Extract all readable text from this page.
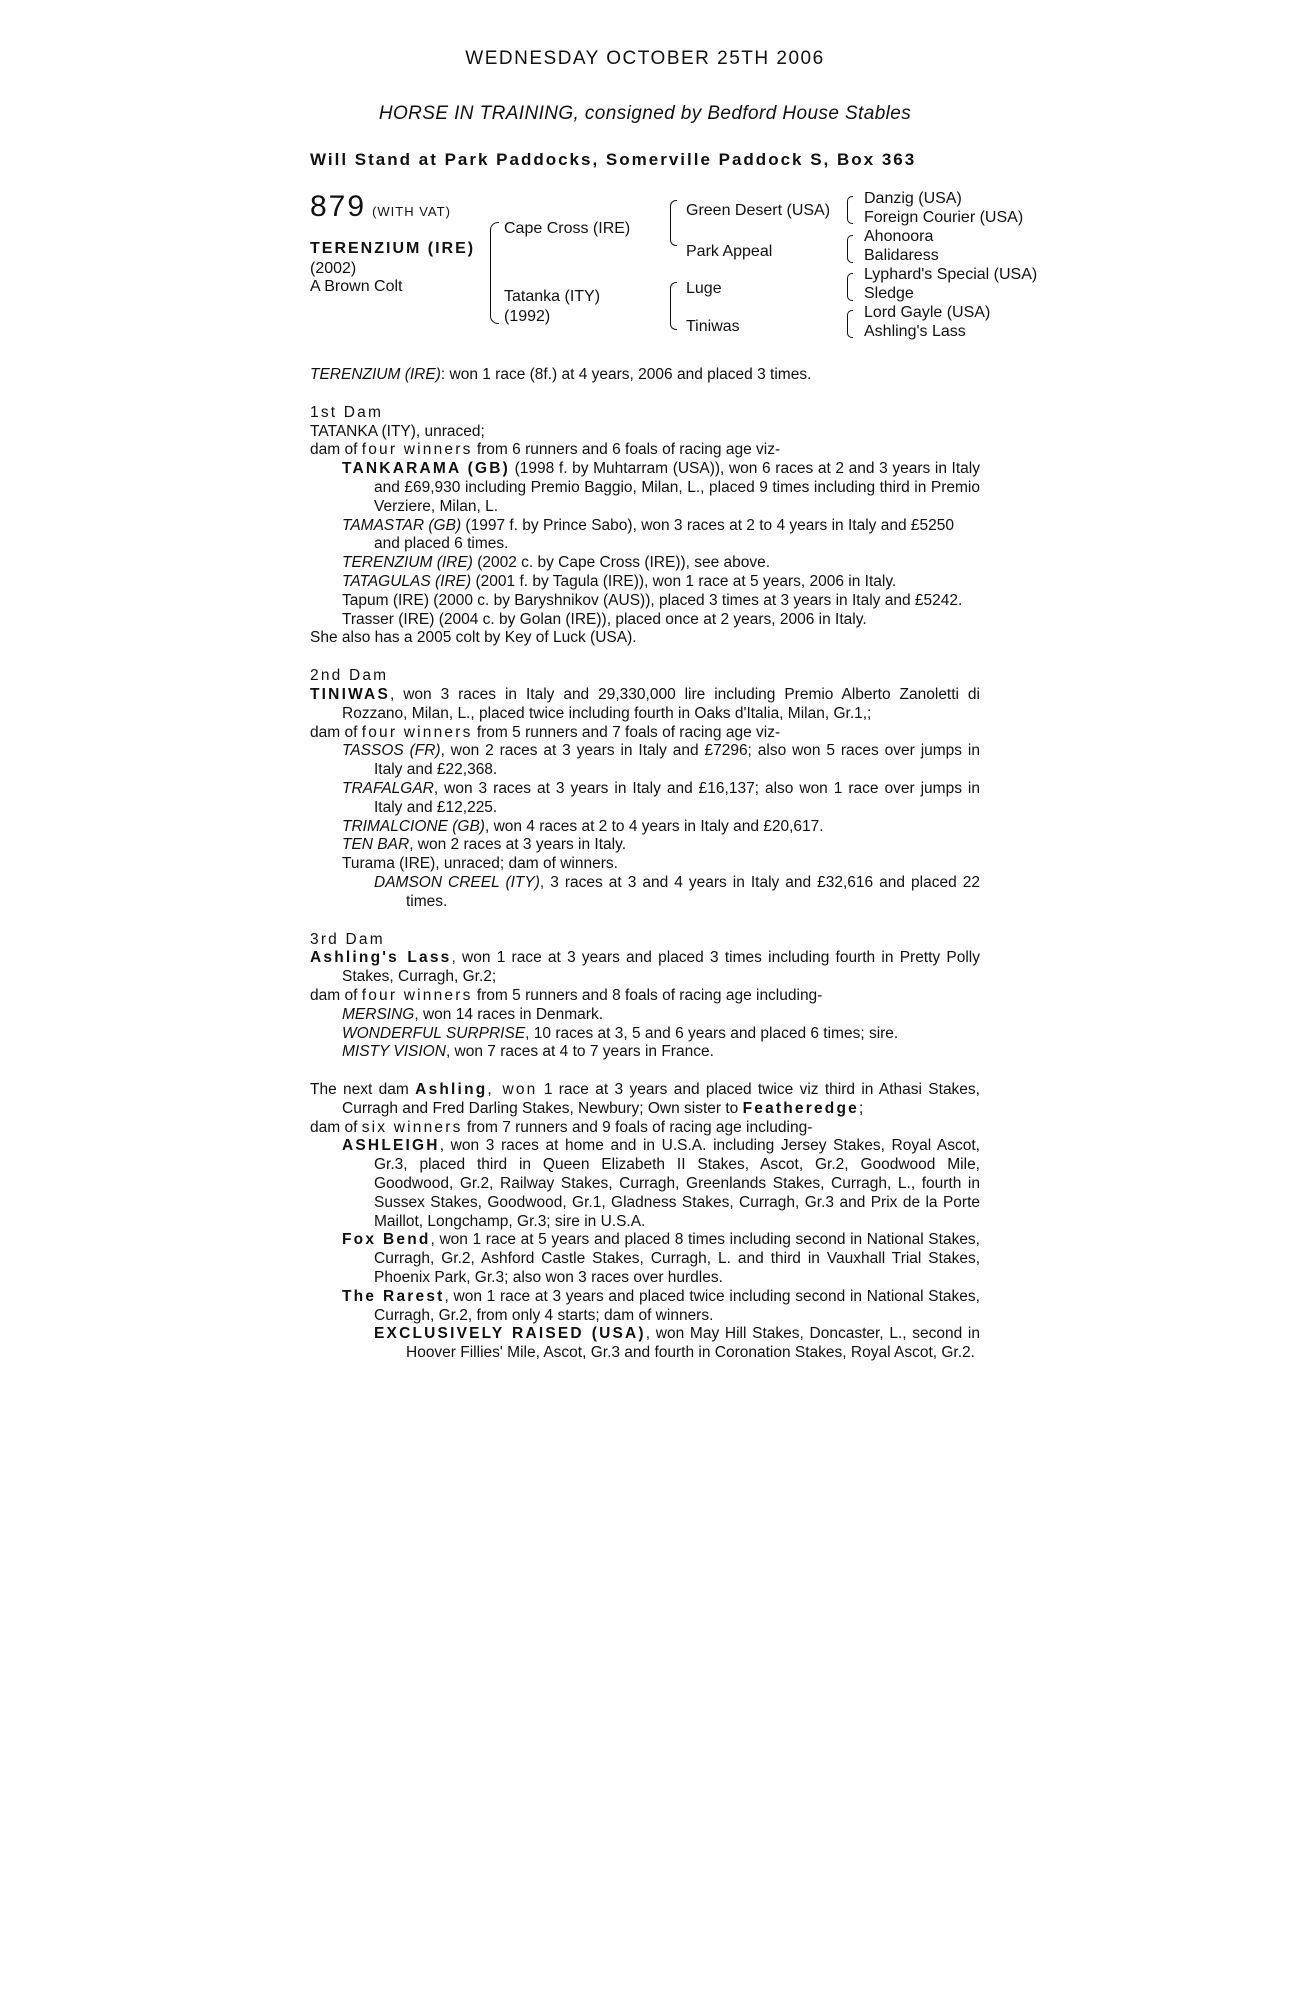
WEDNESDAY OCTOBER 25TH 2006
HORSE IN TRAINING, consigned by Bedford House Stables
Will Stand at Park Paddocks, Somerville Paddock S, Box 363
879 (WITH VAT)
TERENZIUM (IRE)
(2002)
A Brown Colt
Cape Cross (IRE)
Tatanka (ITY)
(1992)
Green Desert (USA)
Park Appeal
Luge
Tiniwas
Danzig (USA)
Foreign Courier (USA)
Ahonoora
Balidaress
Lyphard's Special (USA)
Sledge
Lord Gayle (USA)
Ashling's Lass

TERENZIUM (IRE): won 1 race (8f.) at 4 years, 2006 and placed 3 times.

1st Dam

TATANKA (ITY), unraced;

dam of four winners from 6 runners and 6 foals of racing age viz-

TANKARAMA (GB) (1998 f. by Muhtarram (USA)), won 6 races at 2 and 3 years in Italy and £69,930 including Premio Baggio, Milan, L., placed 9 times including third in Premio Verziere, Milan, L.

TAMASTAR (GB) (1997 f. by Prince Sabo), won 3 races at 2 to 4 years in Italy and £5250 and placed 6 times.

TERENZIUM (IRE) (2002 c. by Cape Cross (IRE)), see above.

TATAGULAS (IRE) (2001 f. by Tagula (IRE)), won 1 race at 5 years, 2006 in Italy.

Tapum (IRE) (2000 c. by Baryshnikov (AUS)), placed 3 times at 3 years in Italy and £5242.

Trasser (IRE) (2004 c. by Golan (IRE)), placed once at 2 years, 2006 in Italy.

She also has a 2005 colt by Key of Luck (USA).

2nd Dam

TINIWAS, won 3 races in Italy and 29,330,000 lire including Premio Alberto Zanoletti di Rozzano, Milan, L., placed twice including fourth in Oaks d'Italia, Milan, Gr.1,;

dam of four winners from 5 runners and 7 foals of racing age viz-

TASSOS (FR), won 2 races at 3 years in Italy and £7296; also won 5 races over jumps in Italy and £22,368.

TRAFALGAR, won 3 races at 3 years in Italy and £16,137; also won 1 race over jumps in Italy and £12,225.

TRIMALCIONE (GB), won 4 races at 2 to 4 years in Italy and £20,617.

TEN BAR, won 2 races at 3 years in Italy.

Turama (IRE), unraced; dam of winners.

DAMSON CREEL (ITY), 3 races at 3 and 4 years in Italy and £32,616 and placed 22 times.

3rd Dam

Ashling's Lass, won 1 race at 3 years and placed 3 times including fourth in Pretty Polly Stakes, Curragh, Gr.2;

dam of four winners from 5 runners and 8 foals of racing age including-

MERSING, won 14 races in Denmark.

WONDERFUL SURPRISE, 10 races at 3, 5 and 6 years and placed 6 times; sire.

MISTY VISION, won 7 races at 4 to 7 years in France.

The next dam Ashling, won 1 race at 3 years and placed twice viz third in Athasi Stakes, Curragh and Fred Darling Stakes, Newbury; Own sister to Featheredge;

dam of six winners from 7 runners and 9 foals of racing age including-

ASHLEIGH, won 3 races at home and in U.S.A. including Jersey Stakes, Royal Ascot, Gr.3, placed third in Queen Elizabeth II Stakes, Ascot, Gr.2, Goodwood Mile, Goodwood, Gr.2, Railway Stakes, Curragh, Greenlands Stakes, Curragh, L., fourth in Sussex Stakes, Goodwood, Gr.1, Gladness Stakes, Curragh, Gr.3 and Prix de la Porte Maillot, Longchamp, Gr.3; sire in U.S.A.

Fox Bend, won 1 race at 5 years and placed 8 times including second in National Stakes, Curragh, Gr.2, Ashford Castle Stakes, Curragh, L. and third in Vauxhall Trial Stakes, Phoenix Park, Gr.3; also won 3 races over hurdles.

The Rarest, won 1 race at 3 years and placed twice including second in National Stakes, Curragh, Gr.2, from only 4 starts; dam of winners.

EXCLUSIVELY RAISED (USA), won May Hill Stakes, Doncaster, L., second in Hoover Fillies' Mile, Ascot, Gr.3 and fourth in Coronation Stakes, Royal Ascot, Gr.2.
